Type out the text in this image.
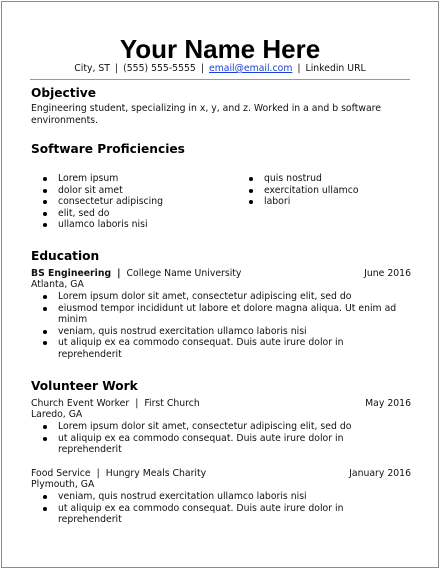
Your Name Here
City, ST | (555) 555-5555 | email@email.com | Linkedin URL
Objective
Engineering student, specializing in x, y, and z. Worked in a and b software environments.
Software Proficiencies
Lorem ipsum
dolor sit amet
consectetur adipiscing
elit, sed do
ullamco laboris nisi
quis nostrud
exercitation ullamco
labori
Education
BS Engineering | College Name University	June 2016
Atlanta, GA
Lorem ipsum dolor sit amet, consectetur adipiscing elit, sed do
eiusmod tempor incididunt ut labore et dolore magna aliqua. Ut enim ad minim
veniam, quis nostrud exercitation ullamco laboris nisi
ut aliquip ex ea commodo consequat. Duis aute irure dolor in reprehenderit
Volunteer Work
Church Event Worker | First Church	May 2016
Laredo, GA
Lorem ipsum dolor sit amet, consectetur adipiscing elit, sed do
ut aliquip ex ea commodo consequat. Duis aute irure dolor in reprehenderit
Food Service | Hungry Meals Charity	January 2016
Plymouth, GA
veniam, quis nostrud exercitation ullamco laboris nisi
ut aliquip ex ea commodo consequat. Duis aute irure dolor in reprehenderit
